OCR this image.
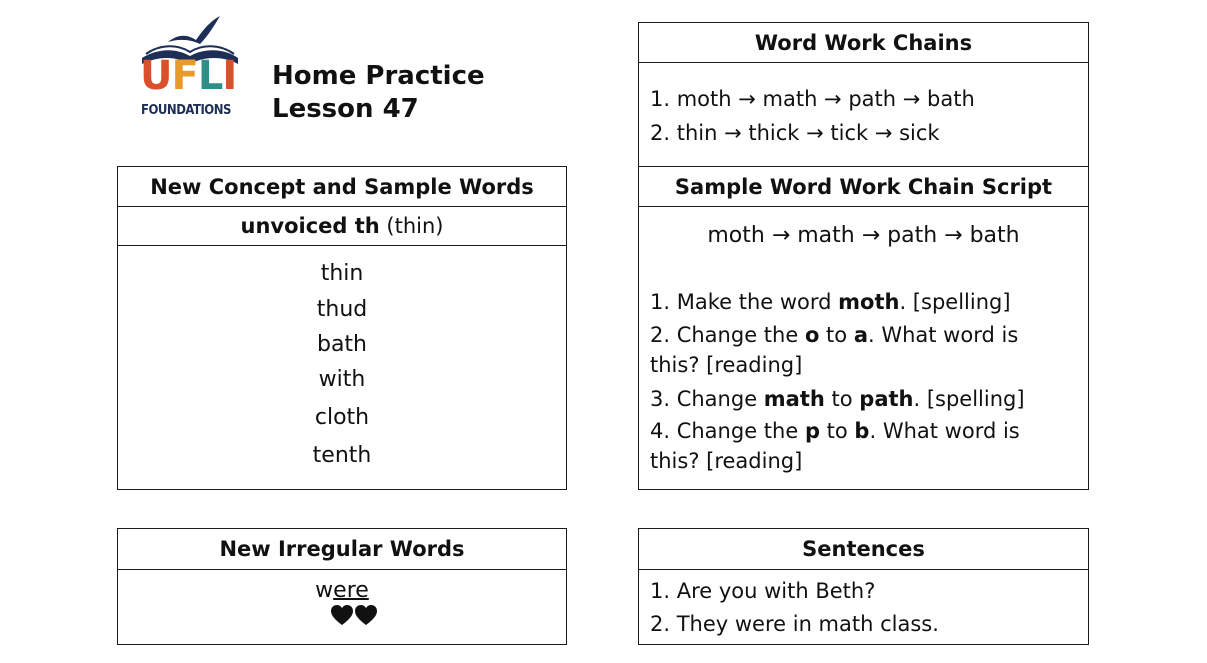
UFLI
FOUNDATIONS
Home Practice
Lesson 47
New Concept and Sample Words
unvoiced th (thin)
thin
thud
bath
with
cloth
tenth
Word Work Chains
1. moth → math → path → bath
2. thin → thick → tick → sick
Sample Word Work Chain Script
moth → math → path → bath
1. Make the word moth. [spelling]
2. Change the o to a. What word is
this? [reading]
3. Change math to path. [spelling]
4. Change the p to b. What word is
this? [reading]
New Irregular Words
were
Sentences
1. Are you with Beth?
2. They were in math class.
